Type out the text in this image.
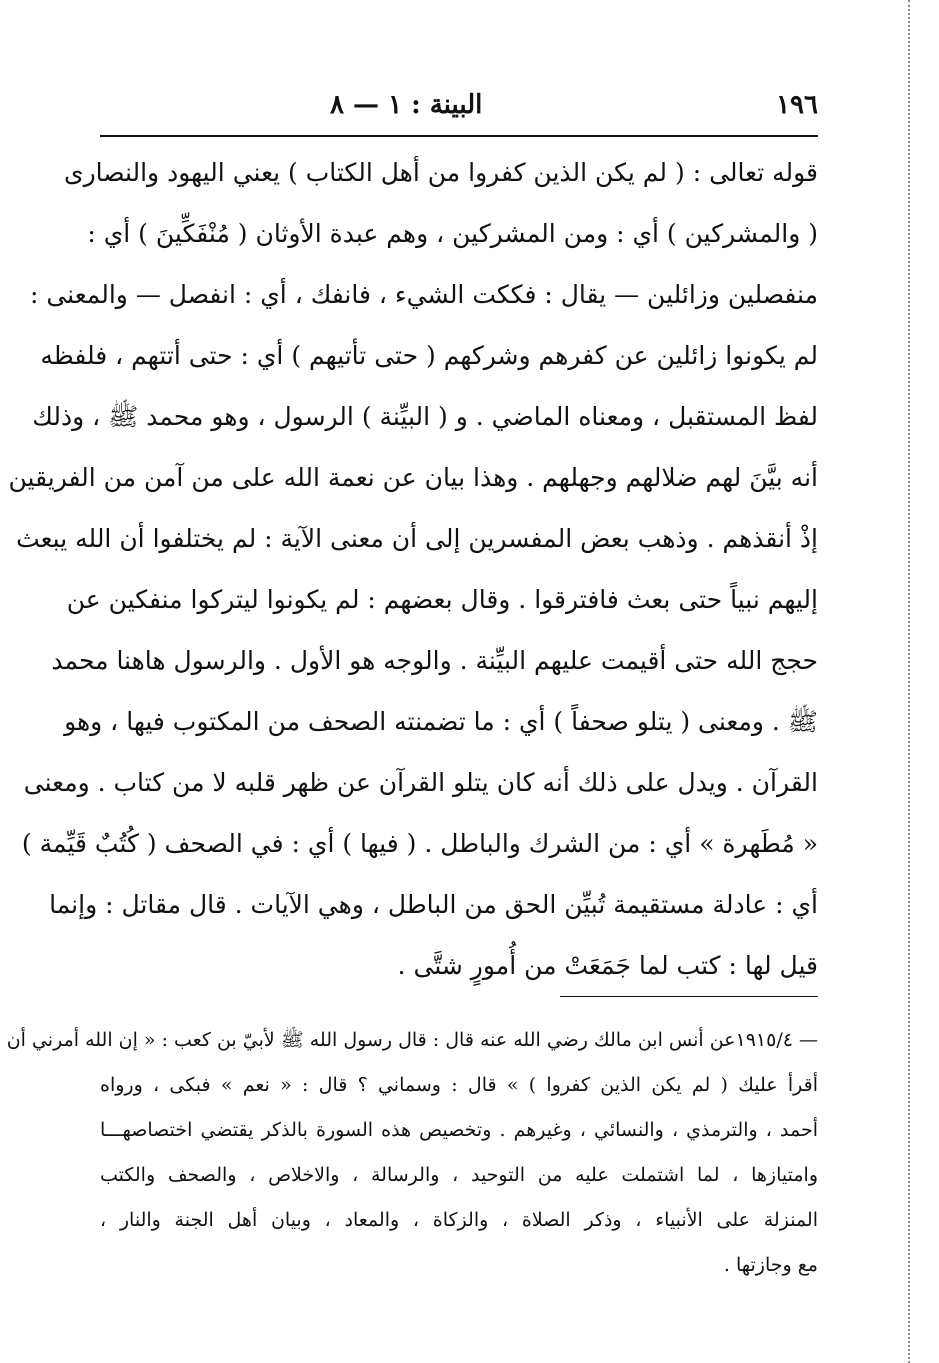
١٩٦
البينة : ١ — ٨
قوله تعالى : ( لم يكن الذين كفروا من أهل الكتاب ) يعني اليهود والنصارى
( والمشركين ) أي : ومن المشركين ، وهم عبدة الأوثان ( مُنْفَكِّينَ ) أي :
منفصلين وزائلين — يقال : فككت الشيء ، فانفك ، أي : انفصل — والمعنى :
لم يكونوا زائلين عن كفرهم وشركهم ( حتى تأتيهم ) أي : حتى أتتهم ، فلفظه
لفظ المستقبل ، ومعناه الماضي . و ( البيِّنة ) الرسول ، وهو محمد ﷺ ، وذلك
أنه بيَّنَ لهم ضلالهم وجهلهم . وهذا بيان عن نعمة الله على من آمن من الفريقين
إذْ أنقذهم . وذهب بعض المفسرين إلى أن معنى الآية : لم يختلفوا أن الله يبعث
إليهم نبياً حتى بعث فافترقوا . وقال بعضهم : لم يكونوا ليتركوا منفكين عن
حجج الله حتى أقيمت عليهم البيِّنة . والوجه هو الأول . والرسول هاهنا محمد
ﷺ . ومعنى ( يتلو صحفاً ) أي : ما تضمنته الصحف من المكتوب فيها ، وهو
القرآن . ويدل على ذلك أنه كان يتلو القرآن عن ظهر قلبه لا من كتاب . ومعنى
« مُطَهرة » أي : من الشرك والباطل . ( فيها ) أي : في الصحف ( كُتُبٌ قَيِّمة )
أي : عادلة مستقيمة تُبيِّن الحق من الباطل ، وهي الآيات . قال مقاتل : وإنما
قيل لها : كتب لما جَمَعَتْ من أُمورٍ شتَّى .
— ١٩١٥/٤عن أنس ابن مالك رضي الله عنه قال : قال رسول الله ﷺ لأبيّ بن كعب : « إن الله أمرني أن
أقرأ عليك ( لم يكن الذين كفروا ) » قال : وسماني ؟ قال : « نعم » فبكى ، ورواه
أحمد ، والترمذي ، والنسائي ، وغيرهم . وتخصيص هذه السورة بالذكر يقتضي اختصاصهـــا
وامتيازها ، لما اشتملت عليه من التوحيد ، والرسالة ، والاخلاص ، والصحف والكتب
المنزلة على الأنبياء ، وذكر الصلاة ، والزكاة ، والمعاد ، وبيان أهل الجنة والنار ،
مع وجازتها .
